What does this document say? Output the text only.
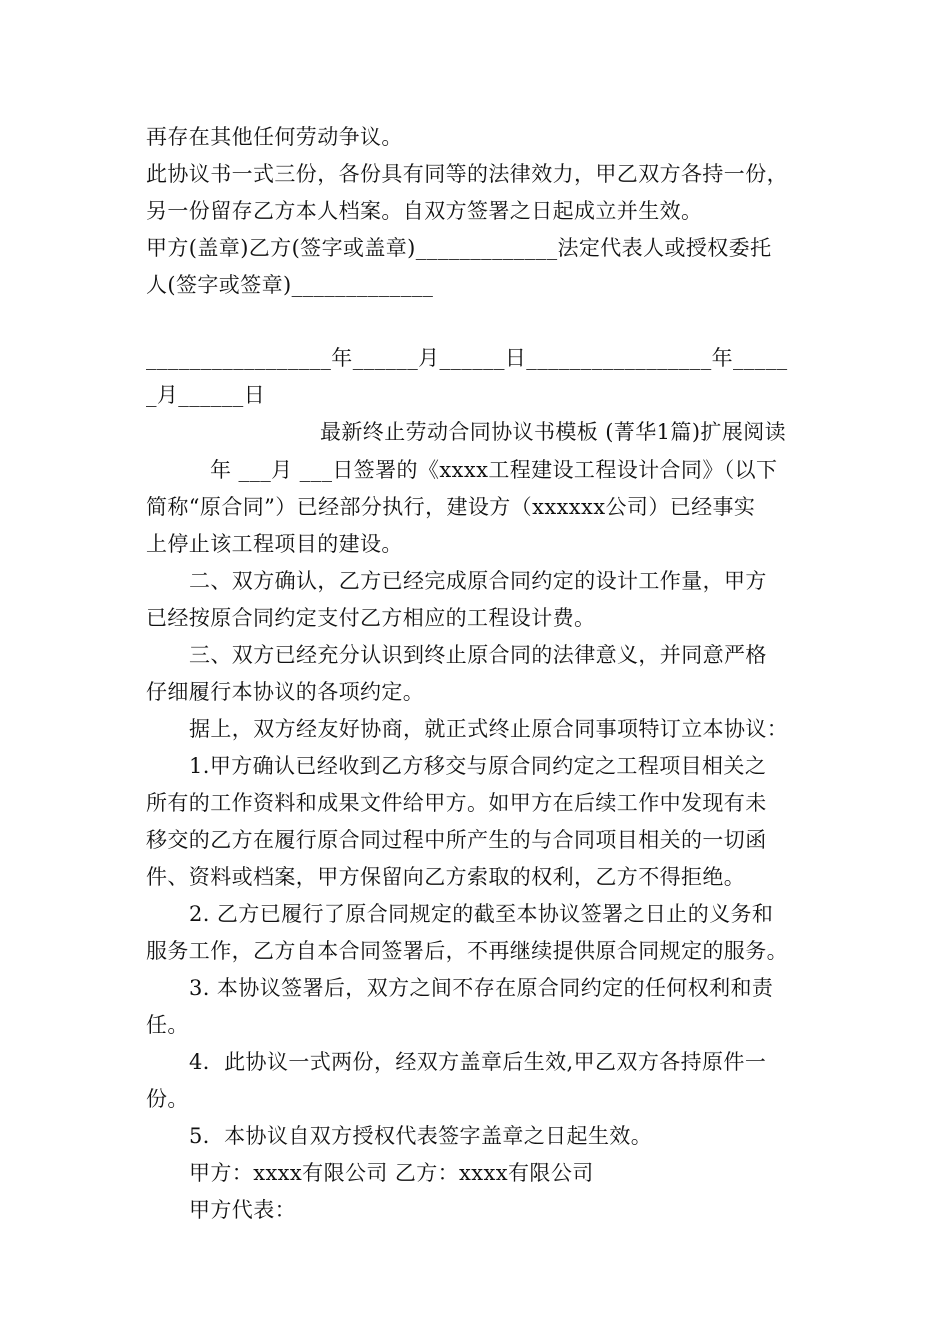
再存在其他任何劳动争议。
此协议书一式三份，各份具有同等的法律效力，甲乙双方各持一份，
另一份留存乙方本人档案。自双方签署之日起成立并生效。
甲方(盖章)乙方(签字或盖章)_____________法定代表人或授权委托
人(签字或签章)_____________
_________________年______月______日_________________年_____
_月______日
最新终止劳动合同协议书模板 (菁华1篇)扩展阅读
年 ___月 ___日签署的《xxxx工程建设工程设计合同》（以下
简称“原合同”）已经部分执行，建设方（xxxxxx公司）已经事实
上停止该工程项目的建设。
二、双方确认，乙方已经完成原合同约定的设计工作量，甲方
已经按原合同约定支付乙方相应的工程设计费。
三、双方已经充分认识到终止原合同的法律意义，并同意严格
仔细履行本协议的各项约定。
据上，双方经友好协商，就正式终止原合同事项特订立本协议：
1.甲方确认已经收到乙方移交与原合同约定之工程项目相关之
所有的工作资料和成果文件给甲方。如甲方在后续工作中发现有未
移交的乙方在履行原合同过程中所产生的与合同项目相关的一切函
件、资料或档案，甲方保留向乙方索取的权利，乙方不得拒绝。
2. 乙方已履行了原合同规定的截至本协议签署之日止的义务和
服务工作，乙方自本合同签署后，不再继续提供原合同规定的服务。
3. 本协议签署后，双方之间不存在原合同约定的任何权利和责
任。
4．此协议一式两份，经双方盖章后生效,甲乙双方各持原件一
份。
5．本协议自双方授权代表签字盖章之日起生效。
甲方：xxxx有限公司 乙方：xxxx有限公司
甲方代表：
